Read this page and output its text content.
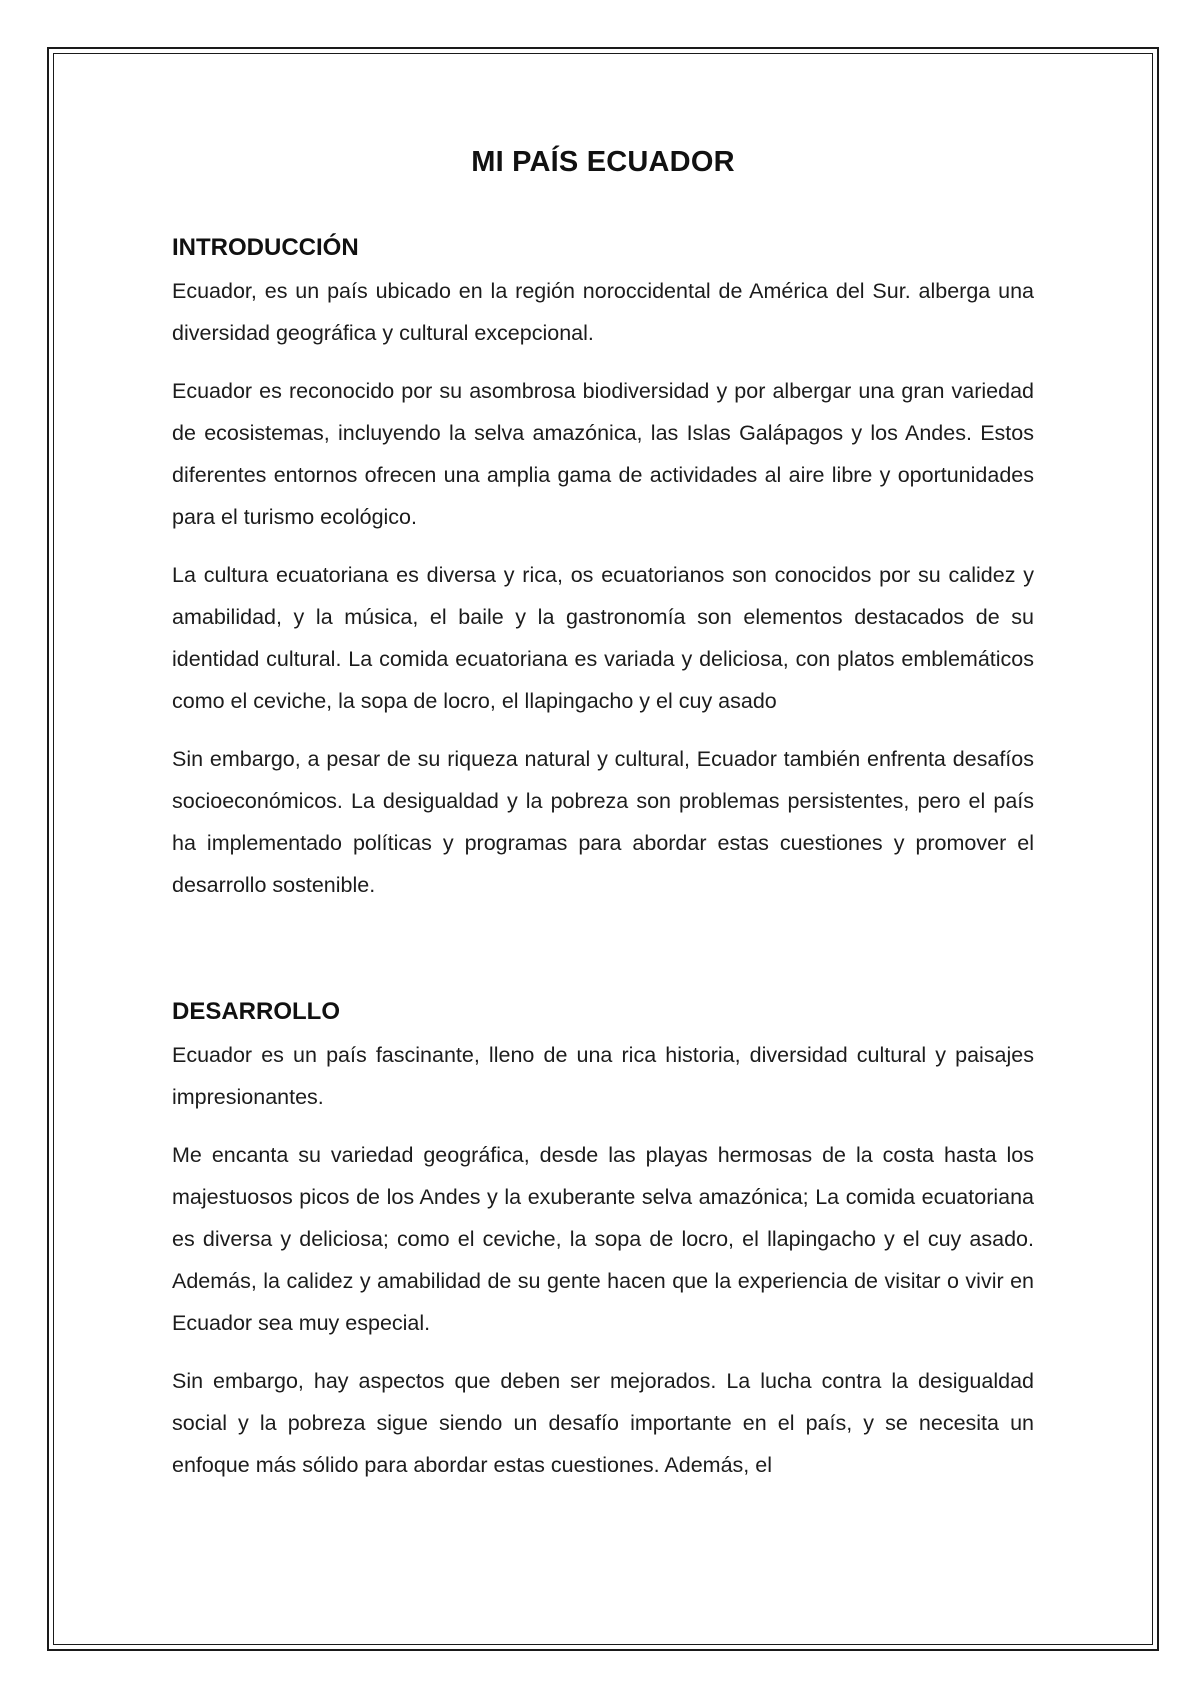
MI PAÍS ECUADOR
INTRODUCCIÓN

Ecuador, es un país ubicado en la región noroccidental de América del Sur. alberga una diversidad geográfica y cultural excepcional.

Ecuador es reconocido por su asombrosa biodiversidad y por albergar una gran variedad de ecosistemas, incluyendo la selva amazónica, las Islas Galápagos y los Andes. Estos diferentes entornos ofrecen una amplia gama de actividades al aire libre y oportunidades para el turismo ecológico.

La cultura ecuatoriana es diversa y rica, os ecuatorianos son conocidos por su calidez y amabilidad, y la música, el baile y la gastronomía son elementos destacados de su identidad cultural. La comida ecuatoriana es variada y deliciosa, con platos emblemáticos como el ceviche, la sopa de locro, el llapingacho y el cuy asado

Sin embargo, a pesar de su riqueza natural y cultural, Ecuador también enfrenta desafíos socioeconómicos. La desigualdad y la pobreza son problemas persistentes, pero el país ha implementado políticas y programas para abordar estas cuestiones y promover el desarrollo sostenible.

DESARROLLO

Ecuador es un país fascinante, lleno de una rica historia, diversidad cultural y paisajes impresionantes.

Me encanta su variedad geográfica, desde las playas hermosas de la costa hasta los majestuosos picos de los Andes y la exuberante selva amazónica; La comida ecuatoriana es diversa y deliciosa; como el ceviche, la sopa de locro, el llapingacho y el cuy asado. Además, la calidez y amabilidad de su gente hacen que la experiencia de visitar o vivir en Ecuador sea muy especial.

Sin embargo, hay aspectos que deben ser mejorados. La lucha contra la desigualdad social y la pobreza sigue siendo un desafío importante en el país, y se necesita un enfoque más sólido para abordar estas cuestiones. Además, el
